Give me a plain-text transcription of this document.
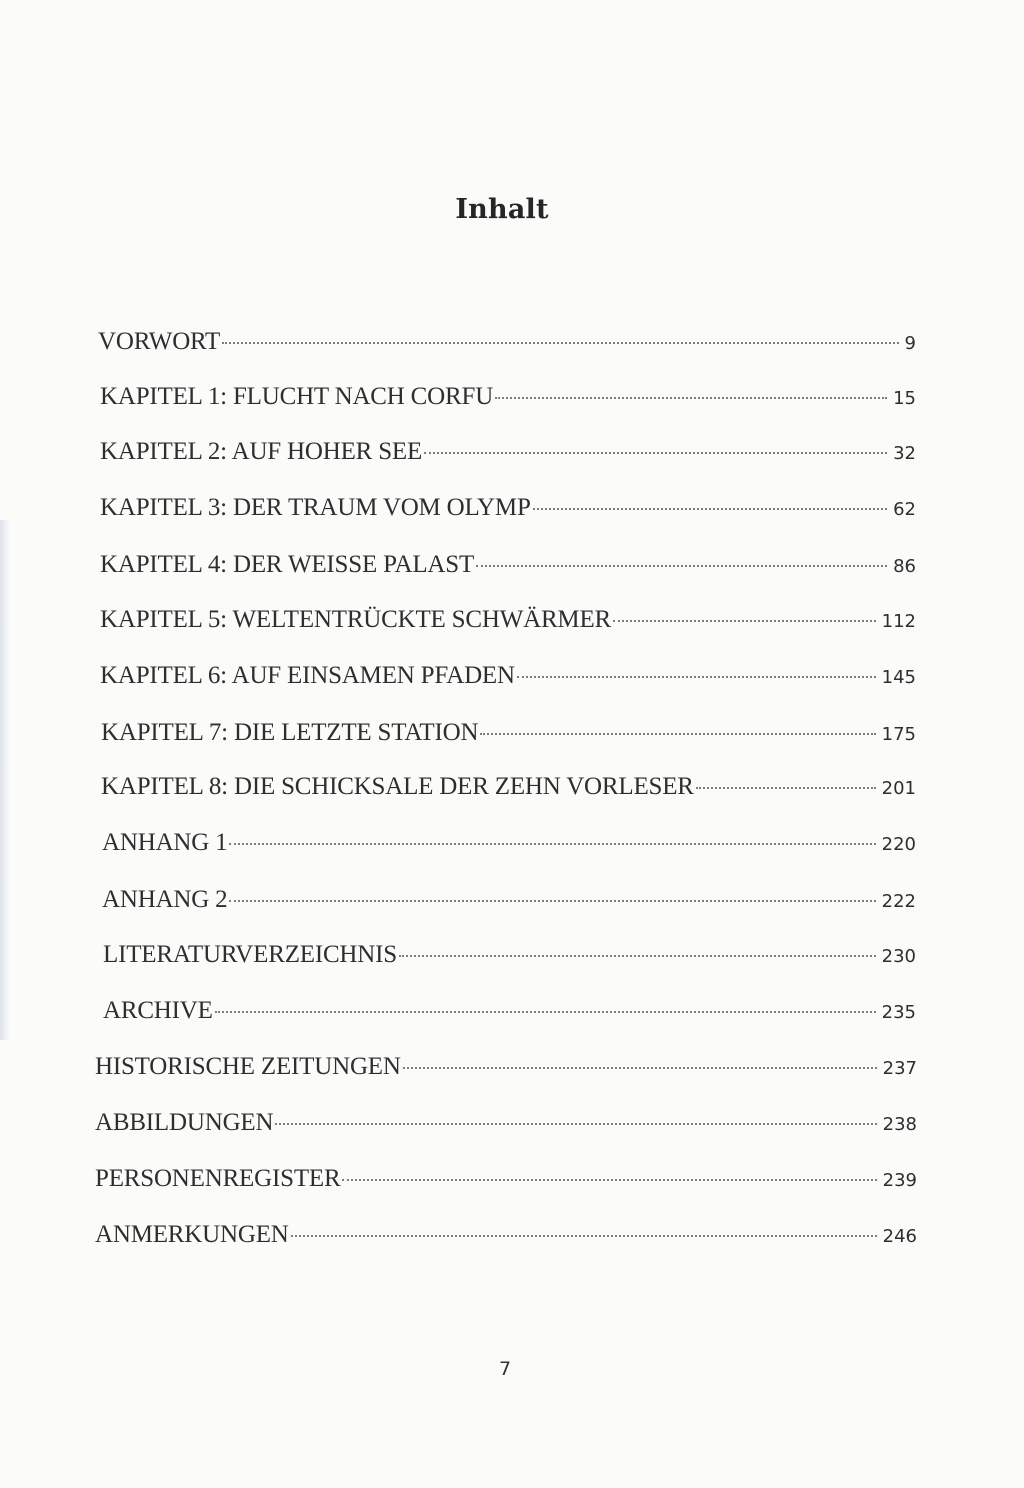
Inhalt
VORWORT	9
KAPITEL 1: FLUCHT NACH CORFU	15
KAPITEL 2: AUF HOHER SEE	32
KAPITEL 3: DER TRAUM VOM OLYMP	62
KAPITEL 4: DER WEISSE PALAST	86
KAPITEL 5: WELTENTRÜCKTE SCHWÄRMER	112
KAPITEL 6: AUF EINSAMEN PFADEN	145
KAPITEL 7: DIE LETZTE STATION	175
KAPITEL 8: DIE SCHICKSALE DER ZEHN VORLESER	201
ANHANG 1	220
ANHANG 2	222
LITERATURVERZEICHNIS	230
ARCHIVE	235
HISTORISCHE ZEITUNGEN	237
ABBILDUNGEN	238
PERSONENREGISTER	239
ANMERKUNGEN	246
7
